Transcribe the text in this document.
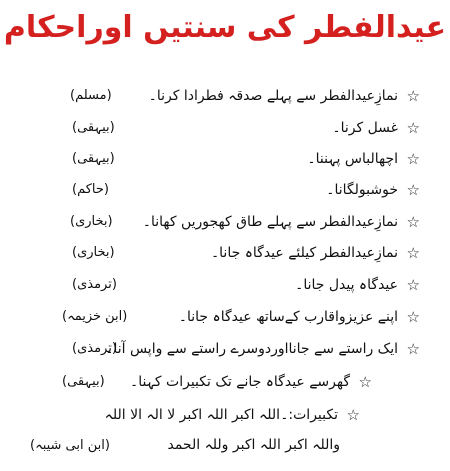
عیدالفطر کی سنتیں اوراحکام
☆
نمازِعیدالفطر سے پہلے صدقہ فطرادا کرنا۔
(مسلم)
☆
غسل کرنا۔
(بیہقی)
☆
اچھالباس پہننا۔
(بیہقی)
☆
خوشبولگانا۔
(حاکم)
☆
نمازِعیدالفطر سے پہلے طاق کھجوریں کھانا۔
(بخاری)
☆
نمازِعیدالفطر کیلئے عیدگاہ جانا۔
(بخاری)
☆
عیدگاہ پیدل جانا۔
(ترمذی)
☆
اپنے عزیزواقارب کےساتھ عیدگاہ جانا۔
(ابن خزیمہ)
☆
ایک راستے سے جانااوردوسرے راستے سے واپس آنا۔
(ترمذی)
☆
گھرسے عیدگاہ جانے تک تکبیرات کہنا۔
(بیہقی)
☆
تکبیرات:۔
اللہ اکبر اللہ اکبر لا الہ الا اللہ
واللہ اکبر اللہ اکبر وللہ الحمد
(ابن ابی شیبہ)
